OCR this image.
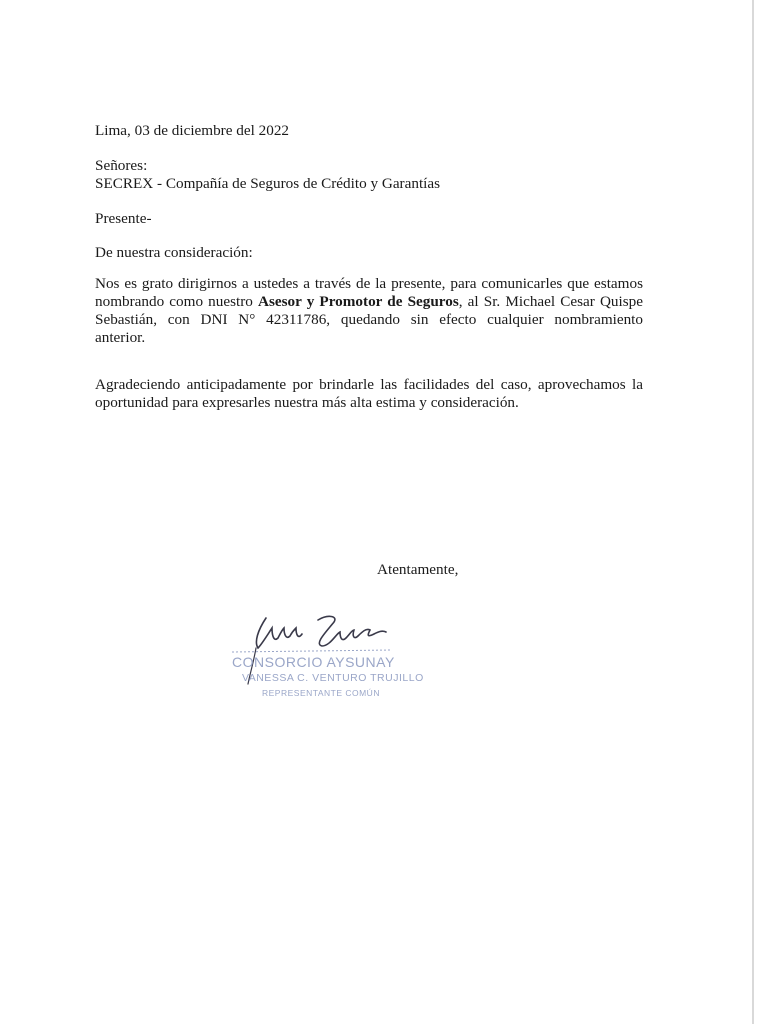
Lima, 03 de diciembre del 2022
Señores:
SECREX - Compañía de Seguros de Crédito y Garantías
Presente-
De nuestra consideración:
Nos es grato dirigirnos a ustedes a través de la presente, para comunicarles que estamos
nombrando como nuestro Asesor y Promotor de Seguros, al Sr. Michael Cesar Quispe
Sebastián, con DNI N° 42311786, quedando sin efecto cualquier nombramiento
anterior.
Agradeciendo anticipadamente por brindarle las facilidades del caso, aprovechamos la
oportunidad para expresarles nuestra más alta estima y consideración.
Atentamente,
CONSORCIO AYSUNAY
VANESSA C. VENTURO TRUJILLO
REPRESENTANTE COMÚN
